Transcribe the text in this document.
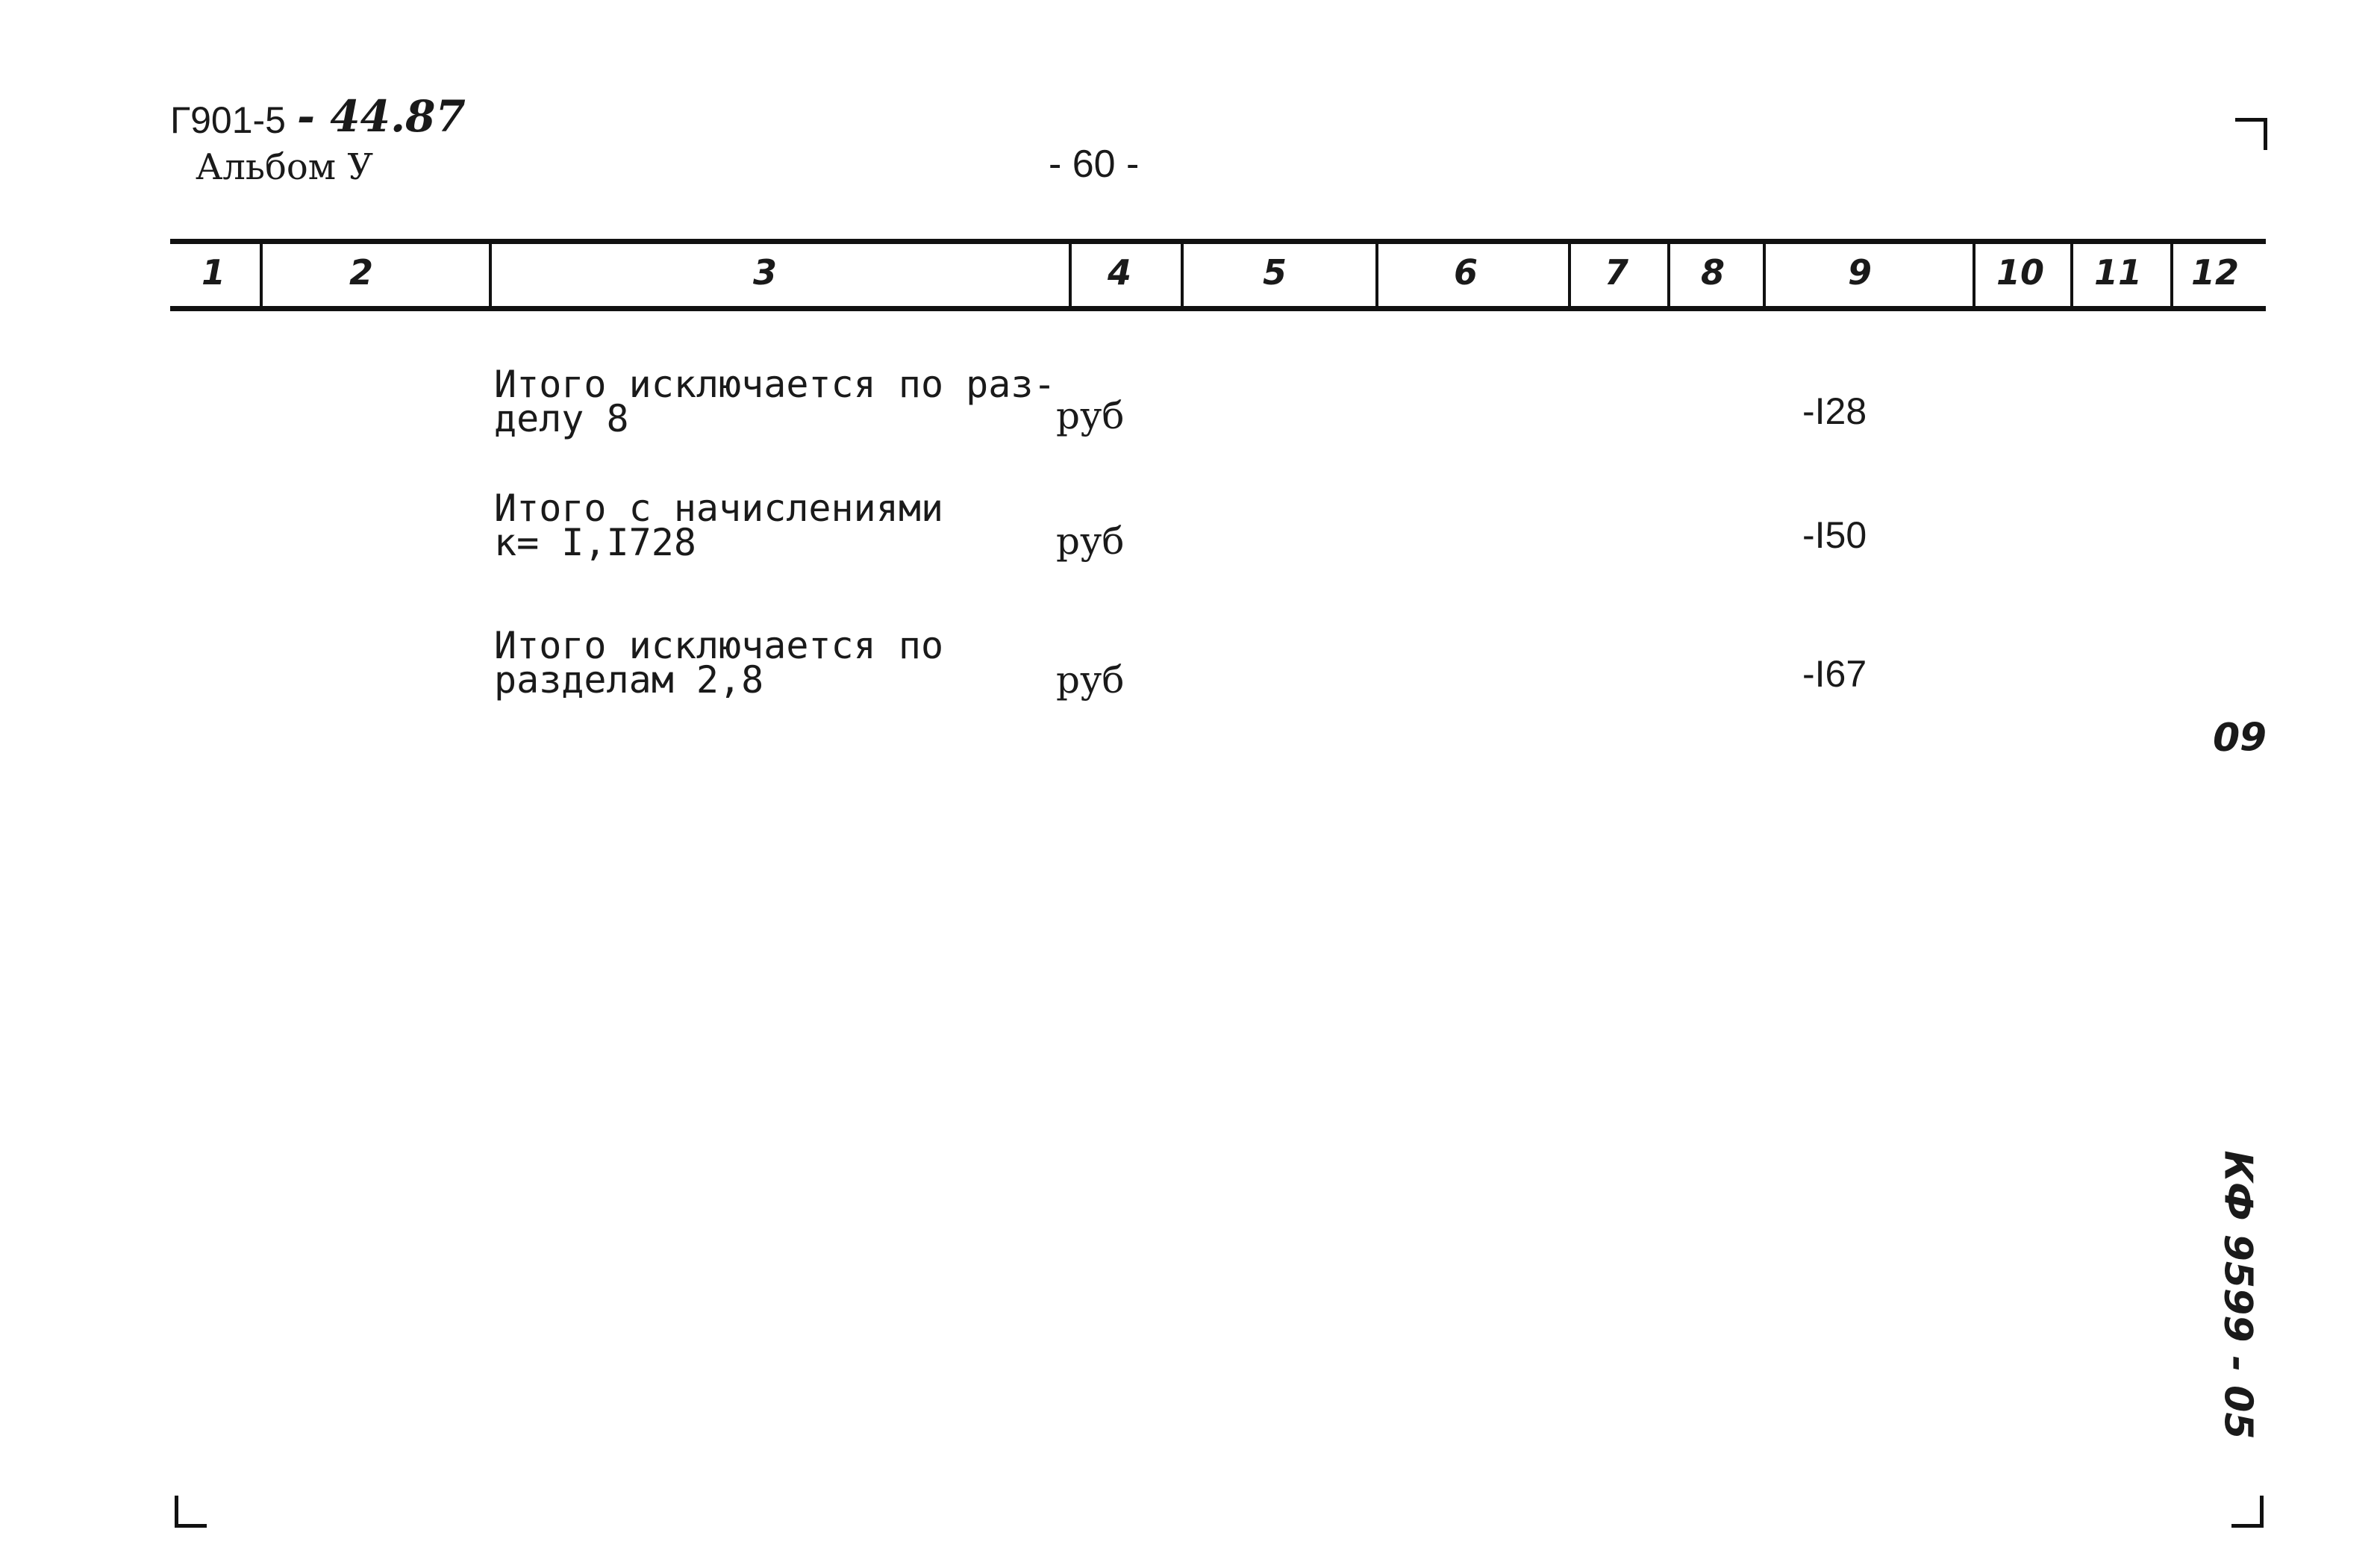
Г901-5 - 44.87
Альбом У	- 60 -
1	2	3	4	5	6	7 8	9	10 11 12
Итого исключается по раз-
делу 8	руб	-I28
Итого с начислениями
к= I,I728	руб	-I50
Итого исключается по
разделам 2,8	руб	-I67
60
КФ 9599 - 05
